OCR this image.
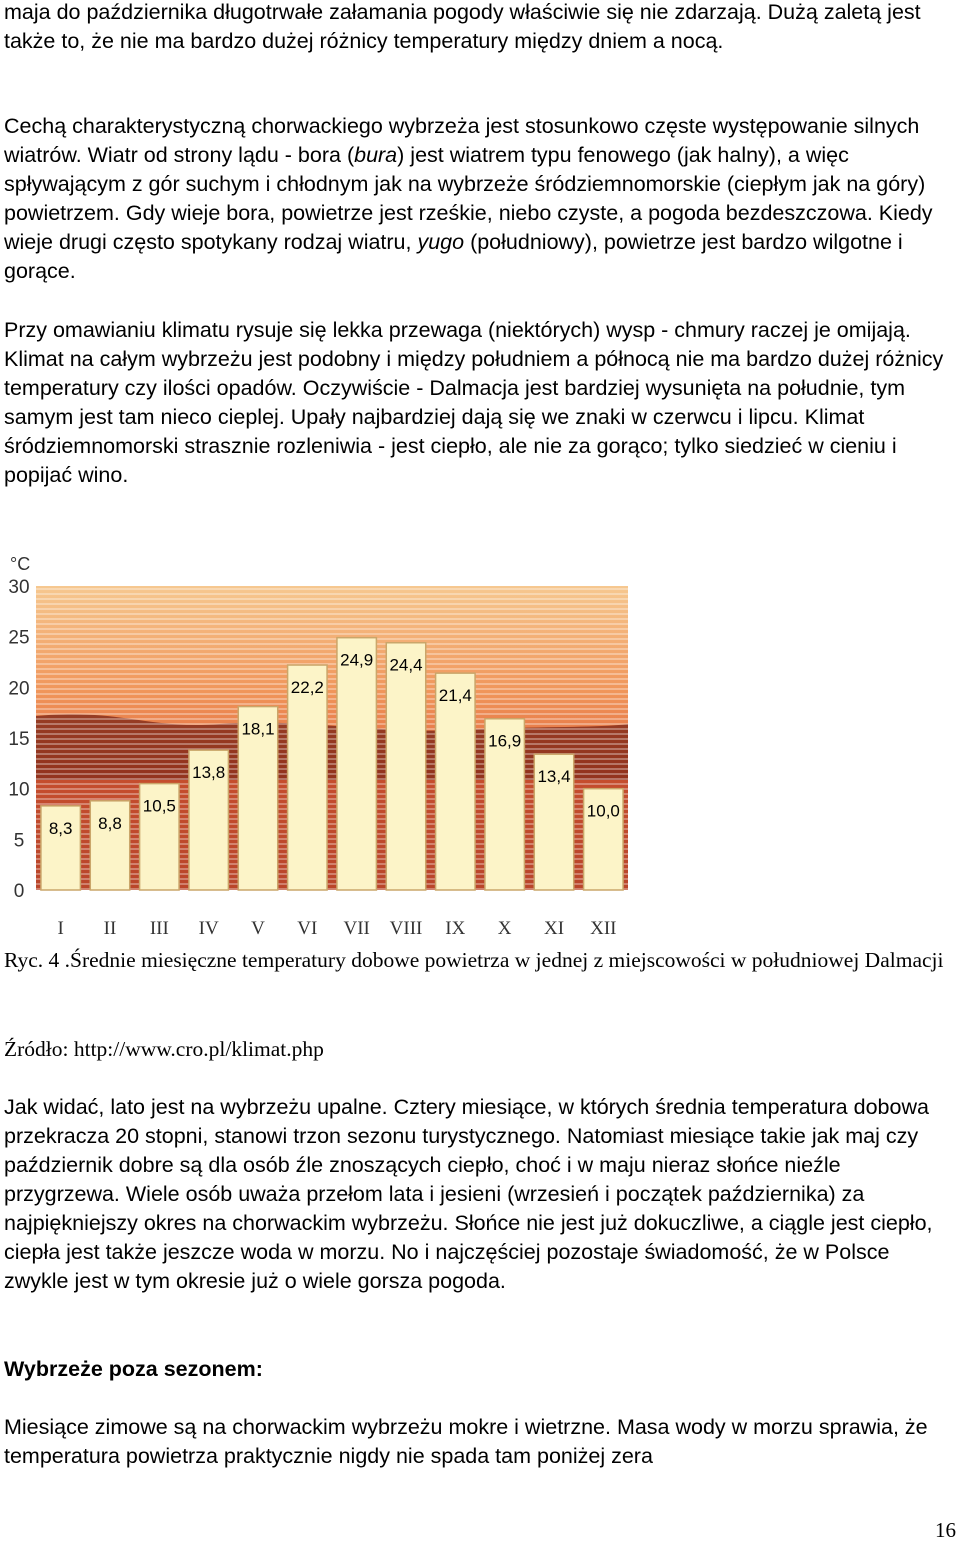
maja do października długotrwałe załamania pogody właściwie się nie zdarzają. Dużą zaletą jest także to, że nie ma bardzo dużej różnicy temperatury między dniem a nocą.

Cechą charakterystyczną chorwackiego wybrzeża jest stosunkowo częste występowanie silnych wiatrów. Wiatr od strony lądu - bora (bura) jest wiatrem typu fenowego (jak halny), a więc spływającym z gór suchym i chłodnym jak na wybrzeże śródziemnomorskie (ciepłym jak na góry) powietrzem. Gdy wieje bora, powietrze jest rześkie, niebo czyste, a pogoda bezdeszczowa. Kiedy wieje drugi często spotykany rodzaj wiatru, yugo (południowy), powietrze jest bardzo wilgotne i gorące.

Przy omawianiu klimatu rysuje się lekka przewaga (niektórych) wysp - chmury raczej je omijają. Klimat na całym wybrzeżu jest podobny i między południem a północą nie ma bardzo dużej różnicy temperatury czy ilości opadów. Oczywiście - Dalmacja jest bardziej wysunięta na południe, tym samym jest tam nieco cieplej. Upały najbardziej dają się we znaki w czerwcu i lipcu. Klimat śródziemnomorski strasznie rozleniwia - jest ciepło, ale nie za gorąco; tylko siedzieć w cieniu i popijać wino.

°C
0
5
10
15
20
25
30
8,3 8,8
10,5
13,8
18,1
22,2
24,9 24,4
21,4
16,9
13,4
10,0
I II III IV V VI VII VIII IX X XI XII

Ryc. 4 .Średnie miesięczne temperatury dobowe powietrza w jednej z miejscowości w południowej Dalmacji

Źródło: http://www.cro.pl/klimat.php

Jak widać, lato jest na wybrzeżu upalne. Cztery miesiące, w których średnia temperatura dobowa przekracza 20 stopni, stanowi trzon sezonu turystycznego. Natomiast miesiące takie jak maj czy październik dobre są dla osób źle znoszących ciepło, choć i w maju nieraz słońce nieźle przygrzewa. Wiele osób uważa przełom lata i jesieni (wrzesień i początek października) za najpiękniejszy okres na chorwackim wybrzeżu. Słońce nie jest już dokuczliwe, a ciągle jest ciepło, ciepła jest także jeszcze woda w morzu. No i najczęściej pozostaje świadomość, że w Polsce zwykle jest w tym okresie już o wiele gorsza pogoda.

Wybrzeże poza sezonem:

Miesiące zimowe są na chorwackim wybrzeżu mokre i wietrzne. Masa wody w morzu sprawia, że temperatura powietrza praktycznie nigdy nie spada tam poniżej zera

16
